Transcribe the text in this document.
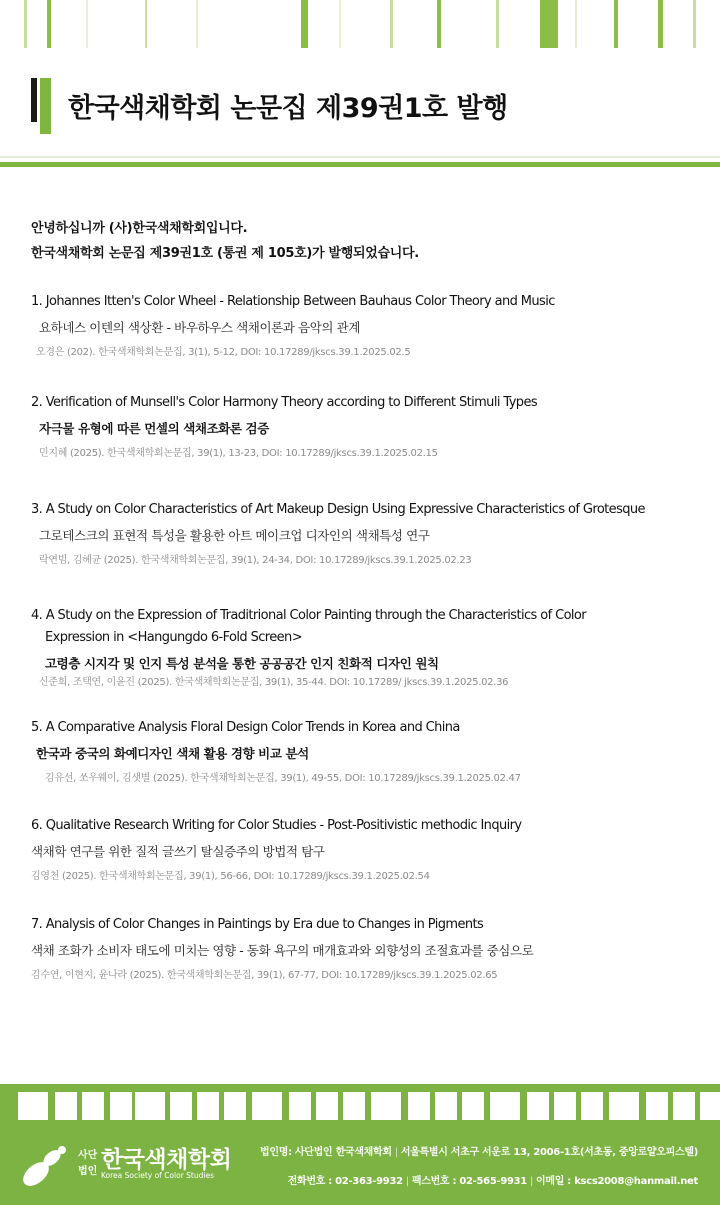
한국색채학회 논문집 제39권1호 발행
안녕하십니까 (사)한국색채학회입니다.
한국색채학회 논문집 제39권1호 (통권 제 105호)가 발행되었습니다.
1. Johannes Itten's Color Wheel - Relationship Between Bauhaus Color Theory and Music
요하네스 이텐의 색상환 - 바우하우스 색채이론과 음악의 관계
오경은 (202). 한국색채학회논문집, 3(1), 5-12, DOI: 10.17289/jkscs.39.1.2025.02.5
2. Verification of Munsell's Color Harmony Theory according to Different Stimuli Types
자극물 유형에 따른 먼셀의 색채조화론 검증
민지혜 (2025). 한국색채학회논문집, 39(1), 13-23, DOI: 10.17289/jkscs.39.1.2025.02.15
3. A Study on Color Characteristics of Art Makeup Design Using Expressive Characteristics of Grotesque
그로테스크의 표현적 특성을 활용한 아트 메이크업 디자인의 색채특성 연구
락연빔, 김혜균 (2025). 한국색채학회논문집, 39(1), 24-34, DOI: 10.17289/jkscs.39.1.2025.02.23
4. A Study on the Expression of Traditrional Color Painting through the Characteristics of Color
Expression in <Hangungdo 6-Fold Screen>
고령층 시지각 및 인지 특성 분석을 통한 공공공간 인지 친화적 디자인 원칙
신준희, 조택연, 이윤진 (2025). 한국색채학회논문집, 39(1), 35-44. DOI: 10.17289/ jkscs.39.1.2025.02.36
5. A Comparative Analysis Floral Design Color Trends in Korea and China
한국과 중국의 화예디자인 색채 활용 경향 비교 분석
김유선, 쏘우웨이, 김샛별 (2025). 한국색채학회논문집, 39(1), 49-55, DOI: 10.17289/jkscs.39.1.2025.02.47
6. Qualitative Research Writing for Color Studies - Post-Positivistic methodic Inquiry
색채학 연구를 위한 질적 글쓰기 탈실증주의 방법적 탐구
김영천 (2025). 한국색채학회논문집, 39(1), 56-66, DOI: 10.17289/jkscs.39.1.2025.02.54
7. Analysis of Color Changes in Paintings by Era due to Changes in Pigments
색채 조화가 소비자 태도에 미치는 영향 - 동화 욕구의 매개효과와 외향성의 조절효과를 중심으로
김수연, 이현지, 윤나라 (2025). 한국색채학회논문집, 39(1), 67-77, DOI: 10.17289/jkscs.39.1.2025.02.65
사단
법인 한국색채학회
Korea Society of Color Studies
법인명: 사단법인 한국색채학회 | 서울특별시 서초구 서운로 13, 2006-1호(서초동, 중앙로얄오피스텔)
전화번호 : 02-363-9932 | 팩스번호 : 02-565-9931 | 이메일 : kscs2008@hanmail.net
